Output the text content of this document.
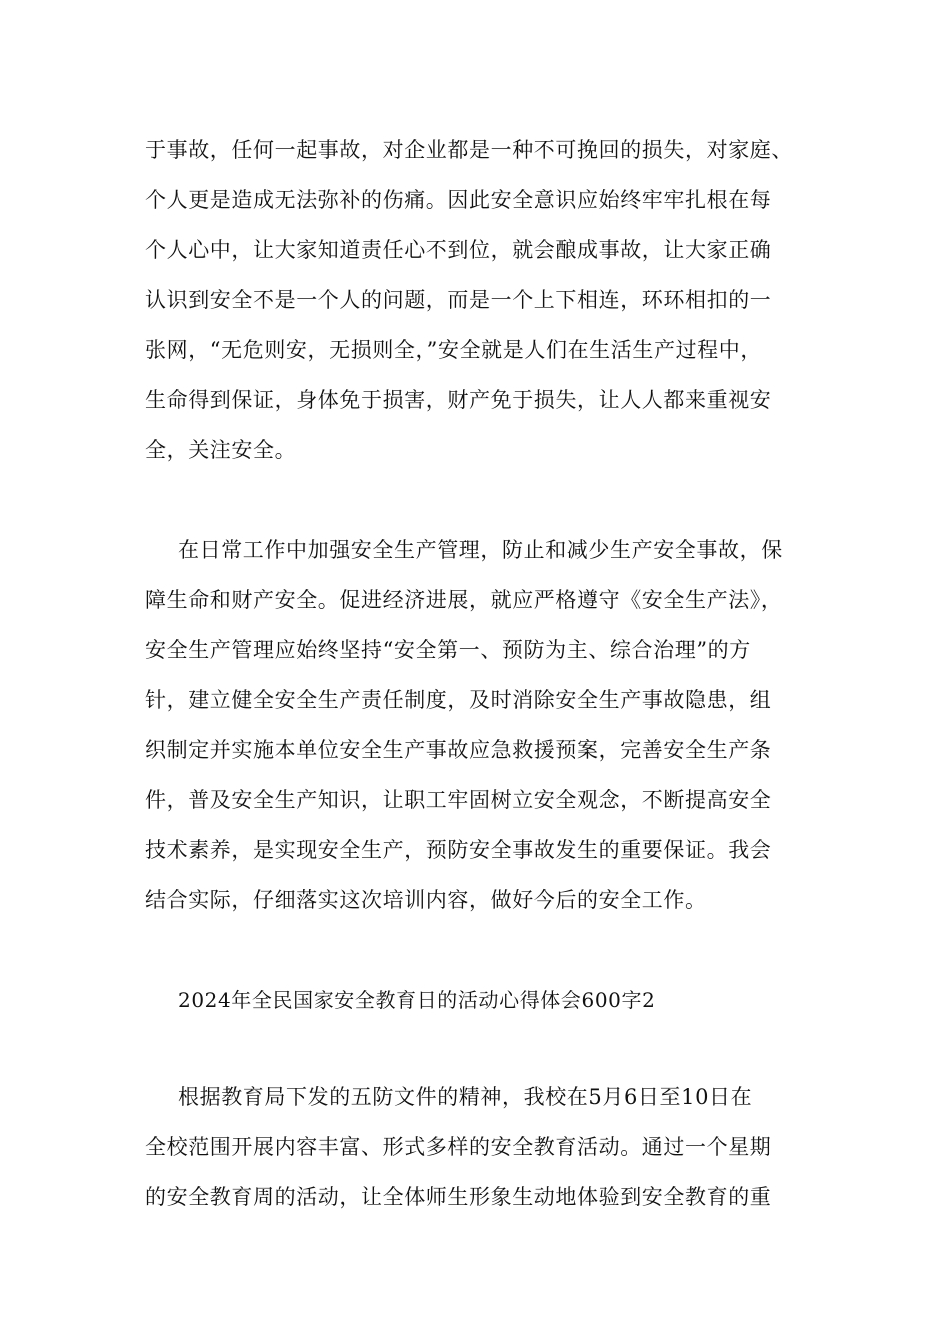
于事故，任何一起事故，对企业都是一种不可挽回的损失，对家庭、
个人更是造成无法弥补的伤痛。因此安全意识应始终牢牢扎根在每
个人心中，让大家知道责任心不到位，就会酿成事故，让大家正确
认识到安全不是一个人的问题，而是一个上下相连，环环相扣的一
张网，“无危则安，无损则全，”安全就是人们在生活生产过程中，
生命得到保证，身体免于损害，财产免于损失，让人人都来重视安
全，关注安全。
在日常工作中加强安全生产管理，防止和减少生产安全事故，保
障生命和财产安全。促进经济进展，就应严格遵守《安全生产法》，
安全生产管理应始终坚持“安全第一、预防为主、综合治理”的方
针，建立健全安全生产责任制度，及时消除安全生产事故隐患，组
织制定并实施本单位安全生产事故应急救援预案，完善安全生产条
件，普及安全生产知识，让职工牢固树立安全观念，不断提高安全
技术素养，是实现安全生产，预防安全事故发生的重要保证。我会
结合实际，仔细落实这次培训内容，做好今后的安全工作。
2024年全民国家安全教育日的活动心得体会600字2
根据教育局下发的五防文件的精神，我校在5月6日至10日在
全校范围开展内容丰富、形式多样的安全教育活动。通过一个星期
的安全教育周的活动，让全体师生形象生动地体验到安全教育的重
